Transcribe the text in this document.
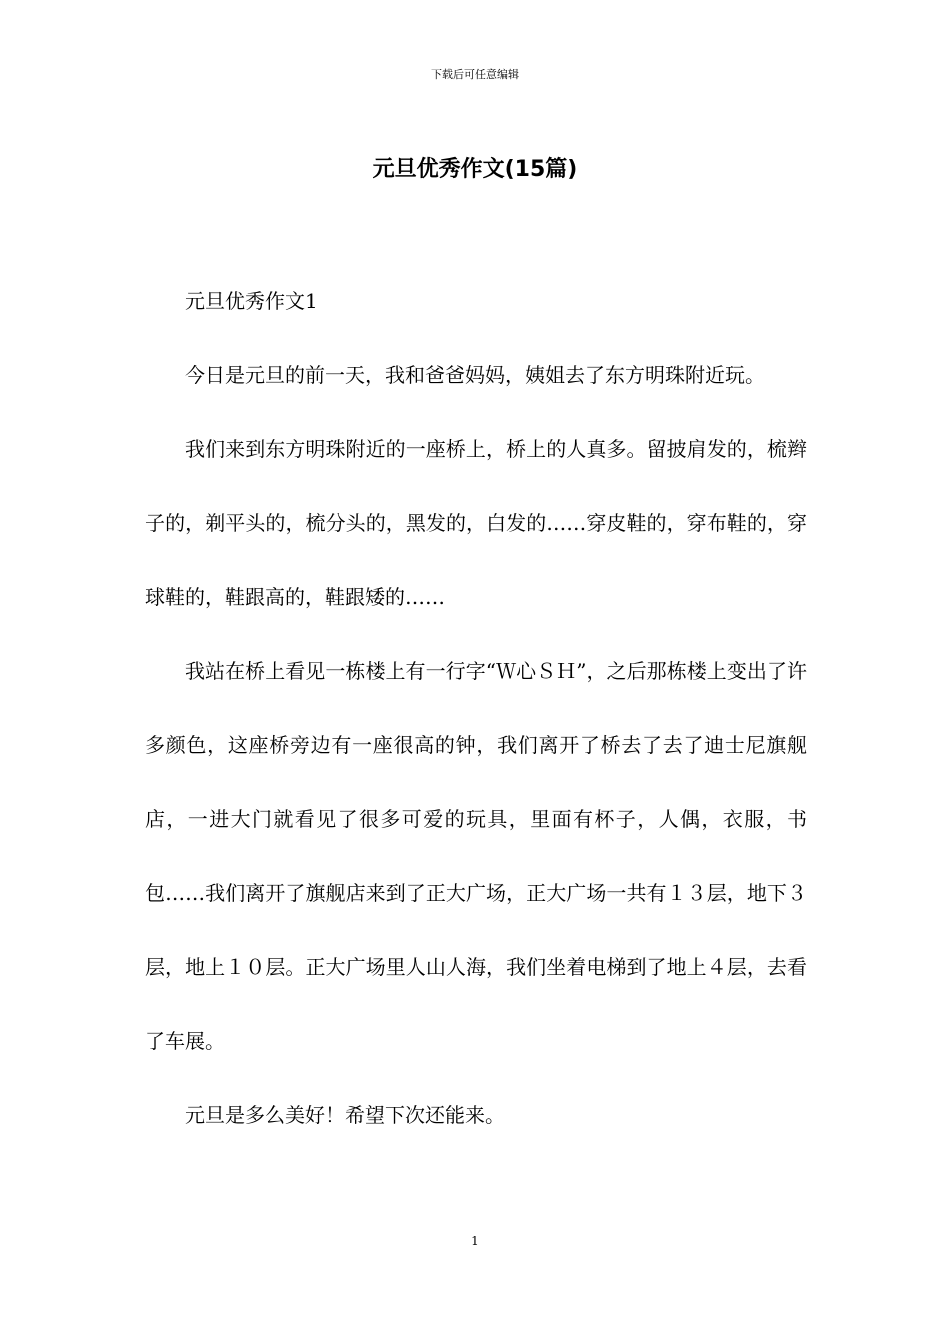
下载后可任意编辑
元旦优秀作文(15篇)

元旦优秀作文1

今日是元旦的前一天，我和爸爸妈妈，姨姐去了东方明珠附近玩。

我们来到东方明珠附近的一座桥上，桥上的人真多。留披肩发的，梳辫子的，剃平头的，梳分头的，黑发的，白发的……穿皮鞋的，穿布鞋的，穿球鞋的，鞋跟高的，鞋跟矮的……

我站在桥上看见一栋楼上有一行字“Ｗ心ＳＨ”，之后那栋楼上变出了许多颜色，这座桥旁边有一座很高的钟，我们离开了桥去了去了迪士尼旗舰店，一进大门就看见了很多可爱的玩具，里面有杯子，人偶，衣服，书包……我们离开了旗舰店来到了正大广场，正大广场一共有１３层，地下３层，地上１０层。正大广场里人山人海，我们坐着电梯到了地上４层，去看了车展。

元旦是多么美好！希望下次还能来。

1
